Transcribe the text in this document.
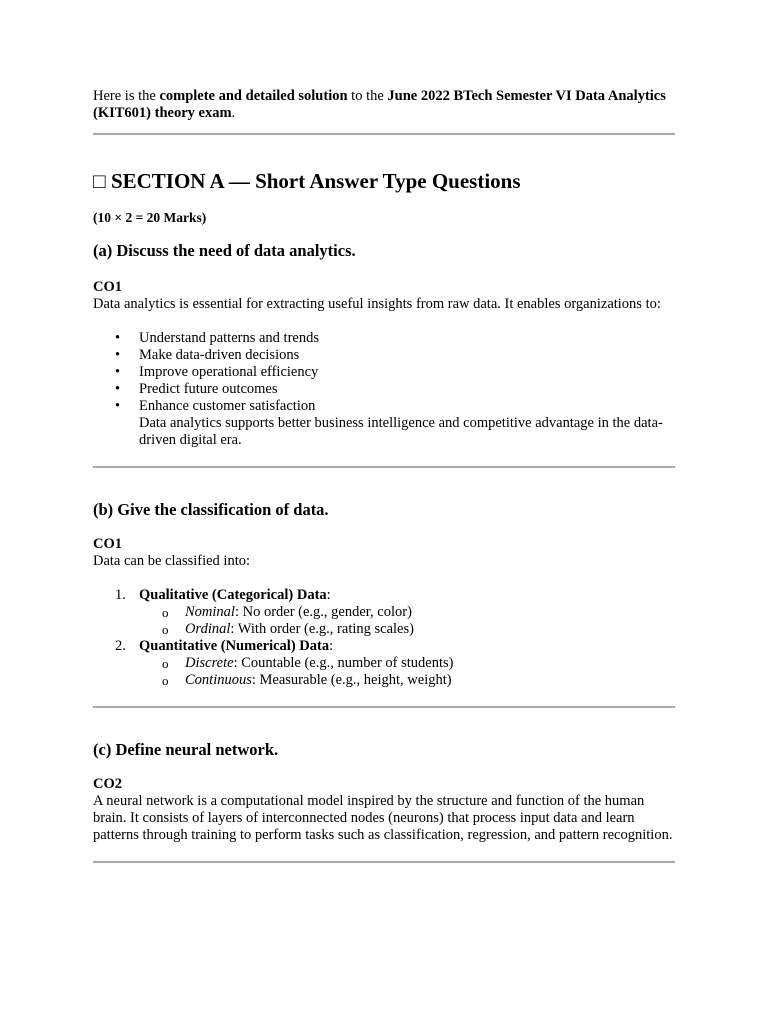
Here is the complete and detailed solution to the June 2022 BTech Semester VI Data Analytics (KIT601) theory exam.

□ SECTION A — Short Answer Type Questions
(10 × 2 = 20 Marks)
(a) Discuss the need of data analytics.
CO1

Data analytics is essential for extracting useful insights from raw data. It enables organizations to:

• Understand patterns and trends
• Make data-driven decisions
• Improve operational efficiency
• Predict future outcomes
• Enhance customer satisfaction
Data analytics supports better business intelligence and competitive advantage in the data-driven digital era.
(b) Give the classification of data.
CO1

Data can be classified into:

1. Qualitative (Categorical) Data:
o Nominal: No order (e.g., gender, color)
o Ordinal: With order (e.g., rating scales)
2. Quantitative (Numerical) Data:
o Discrete: Countable (e.g., number of students)
o Continuous: Measurable (e.g., height, weight)
(c) Define neural network.
CO2

A neural network is a computational model inspired by the structure and function of the human brain. It consists of layers of interconnected nodes (neurons) that process input data and learn patterns through training to perform tasks such as classification, regression, and pattern recognition.
